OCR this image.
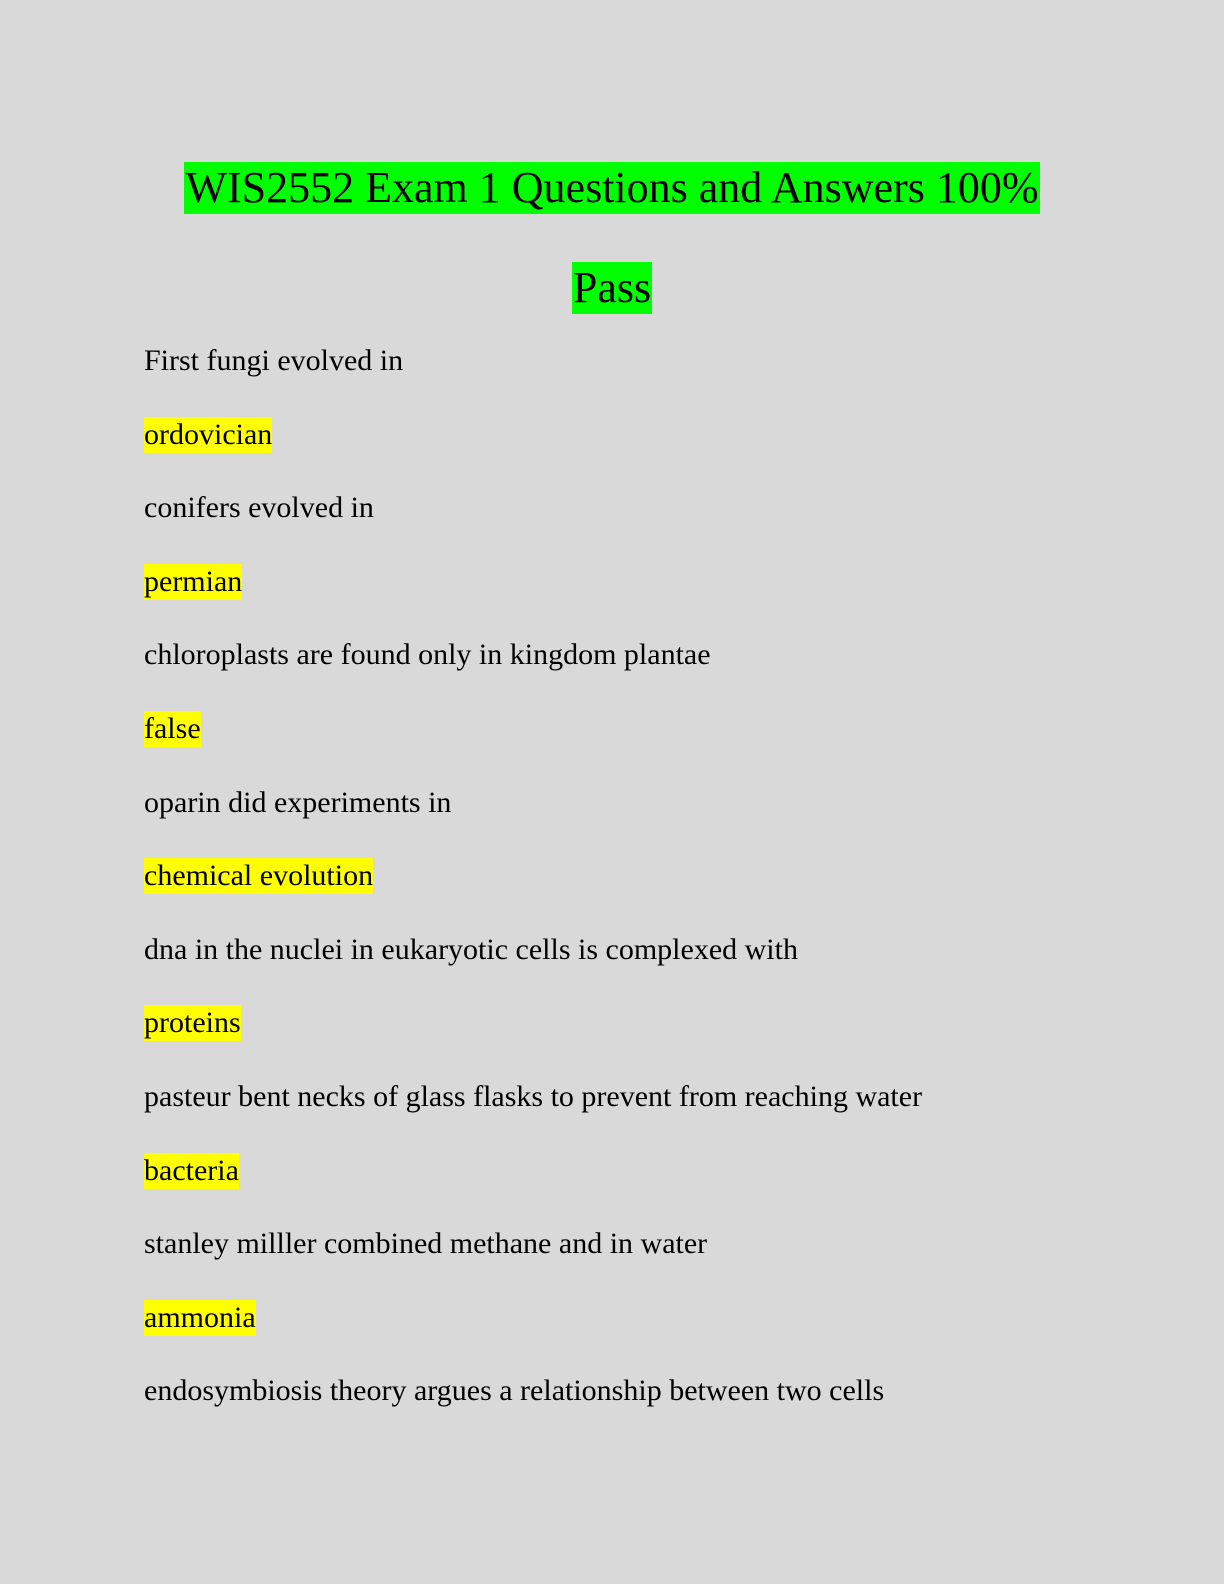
WIS2552 Exam 1 Questions and Answers 100%
Pass
First fungi evolved in
ordovician
conifers evolved in
permian
chloroplasts are found only in kingdom plantae
false
oparin did experiments in
chemical evolution
dna in the nuclei in eukaryotic cells is complexed with
proteins
pasteur bent necks of glass flasks to prevent from reaching water
bacteria
stanley milller combined methane and in water
ammonia
endosymbiosis theory argues a relationship between two cells
